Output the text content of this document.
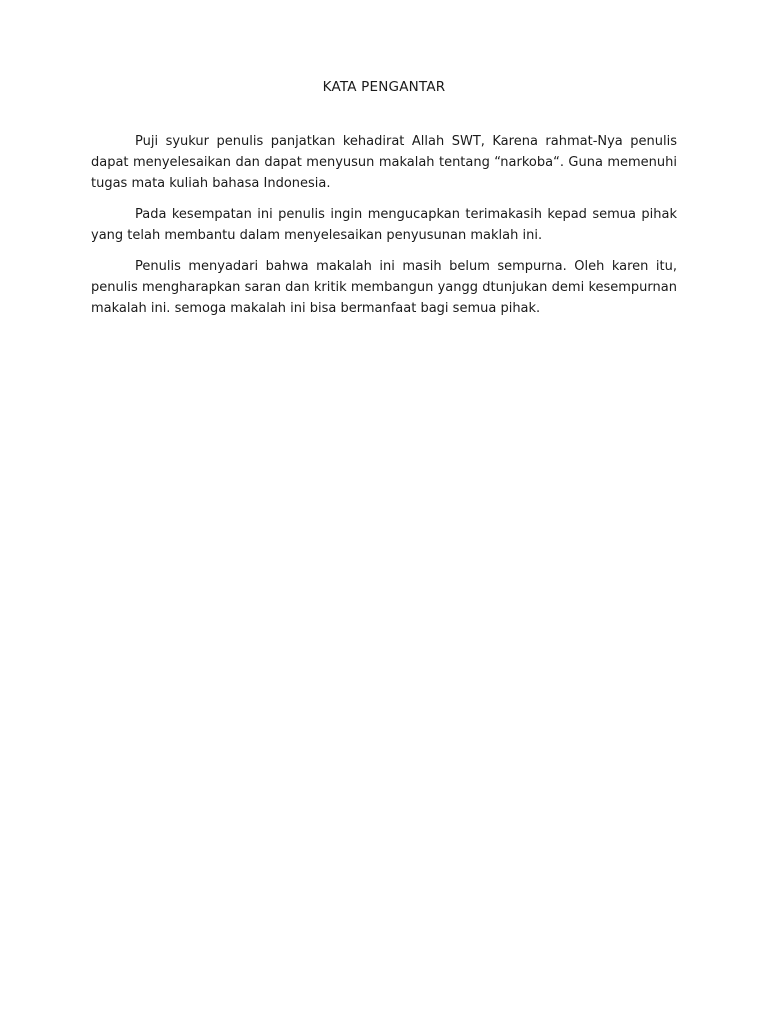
KATA PENGANTAR

Puji syukur penulis panjatkan kehadirat Allah SWT, Karena rahmat-Nya penulis dapat menyelesaikan dan dapat menyusun makalah tentang “narkoba“. Guna memenuhi tugas mata kuliah bahasa Indonesia.

Pada kesempatan ini penulis ingin mengucapkan terimakasih kepad semua pihak yang telah membantu dalam menyelesaikan penyusunan maklah ini.

Penulis menyadari bahwa makalah ini masih belum sempurna. Oleh karen itu, penulis mengharapkan saran dan kritik membangun yangg dtunjukan demi kesempurnan makalah ini. semoga makalah ini bisa bermanfaat bagi semua pihak.
